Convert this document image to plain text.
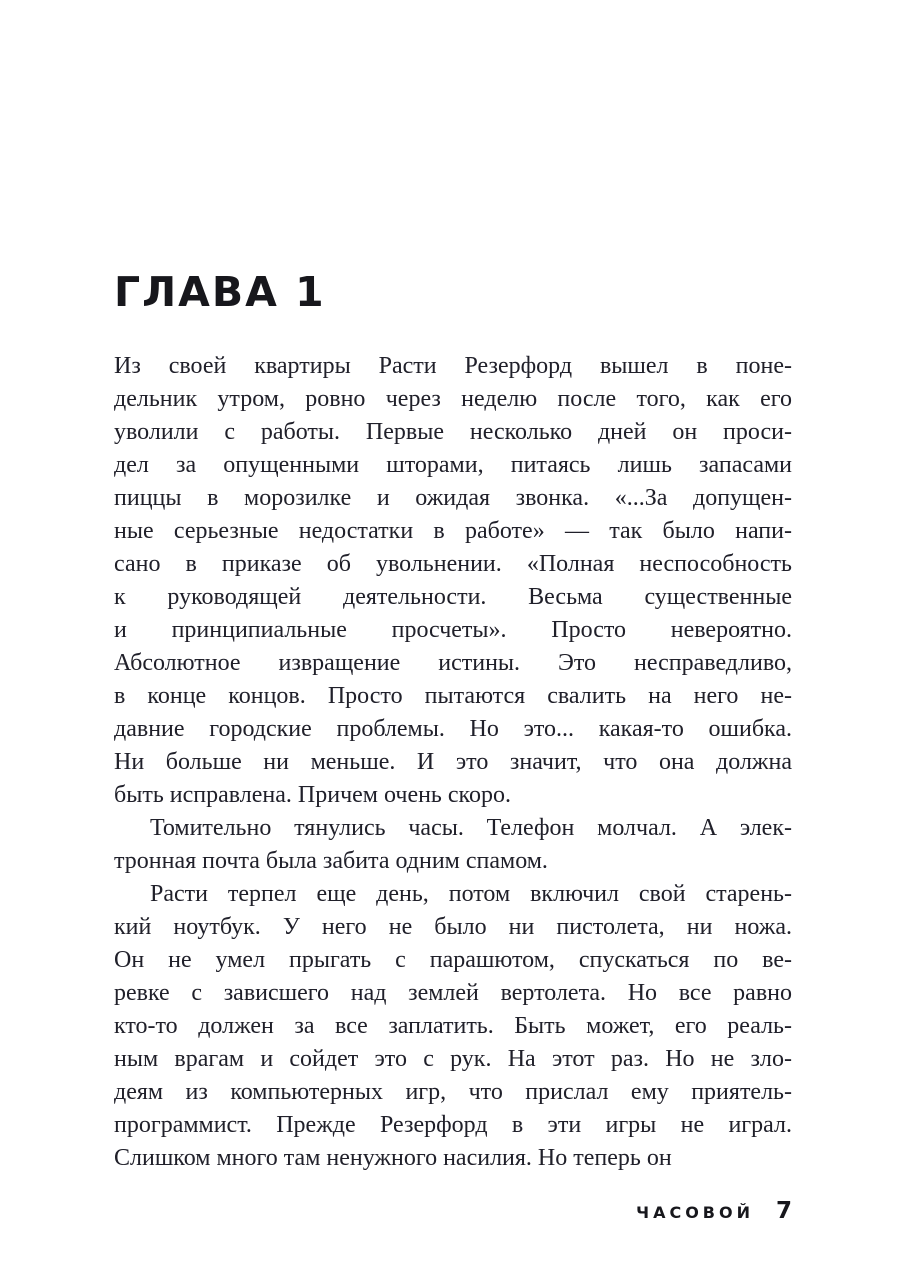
ГЛАВА 1
Из своей квартиры Расти Резерфорд вышел в поне-
дельник утром, ровно через неделю после того, как его
уволили с работы. Первые несколько дней он проси-
дел за опущенными шторами, питаясь лишь запасами
пиццы в морозилке и ожидая звонка. «...За допущен-
ные серьезные недостатки в работе» — так было напи-
сано в приказе об увольнении. «Полная неспособность
к руководящей деятельности. Весьма существенные
и принципиальные просчеты». Просто невероятно.
Абсолютное извращение истины. Это несправедливо,
в конце концов. Просто пытаются свалить на него не-
давние городские проблемы. Но это... какая-то ошибка.
Ни больше ни меньше. И это значит, что она должна
быть исправлена. Причем очень скоро.
Томительно тянулись часы. Телефон молчал. А элек-
тронная почта была забита одним спамом.
Расти терпел еще день, потом включил свой старень-
кий ноутбук. У него не было ни пистолета, ни ножа.
Он не умел прыгать с парашютом, спускаться по ве-
ревке с зависшего над землей вертолета. Но все равно
кто-то должен за все заплатить. Быть может, его реаль-
ным врагам и сойдет это с рук. На этот раз. Но не зло-
деям из компьютерных игр, что прислал ему приятель-
программист. Прежде Резерфорд в эти игры не играл.
Слишком много там ненужного насилия. Но теперь он
ЧАСОВОЙ 7
